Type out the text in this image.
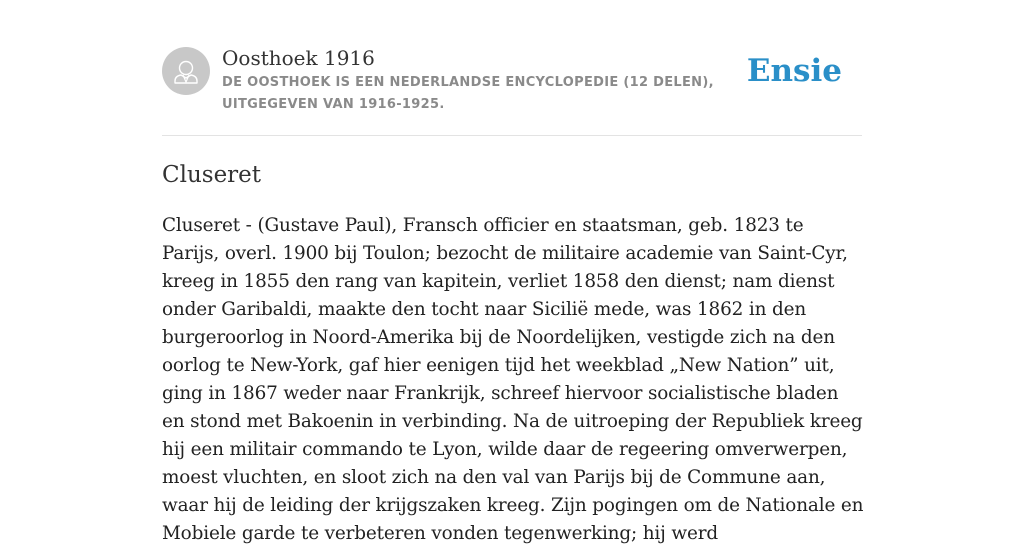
Oosthoek 1916

DE OOSTHOEK IS EEN NEDERLANDSE ENCYCLOPEDIE (12 DELEN), UITGEGEVEN VAN 1916-1925.

Ensie
Cluseret

Cluseret - (Gustave Paul), Fransch officier en staatsman, geb. 1823 te Parijs, overl. 1900 bij Toulon; bezocht de militaire academie van Saint-Cyr, kreeg in 1855 den rang van kapitein, verliet 1858 den dienst; nam dienst onder Garibaldi, maakte den tocht naar Sicilië mede, was 1862 in den burgeroorlog in Noord-Amerika bij de Noordelijken, vestigde zich na den oorlog te New-York, gaf hier eenigen tijd het weekblad „New Nation” uit, ging in 1867 weder naar Frankrijk, schreef hiervoor socialistische bladen en stond met Bakoenin in verbinding. Na de uitroeping der Republiek kreeg hij een militair commando te Lyon, wilde daar de regeering omverwerpen, moest vluchten, en sloot zich na den val van Parijs bij de Commune aan, waar hij de leiding der krijgszaken kreeg. Zijn pogingen om de Nationale en Mobiele garde te verbeteren vonden tegenwerking; hij werd
